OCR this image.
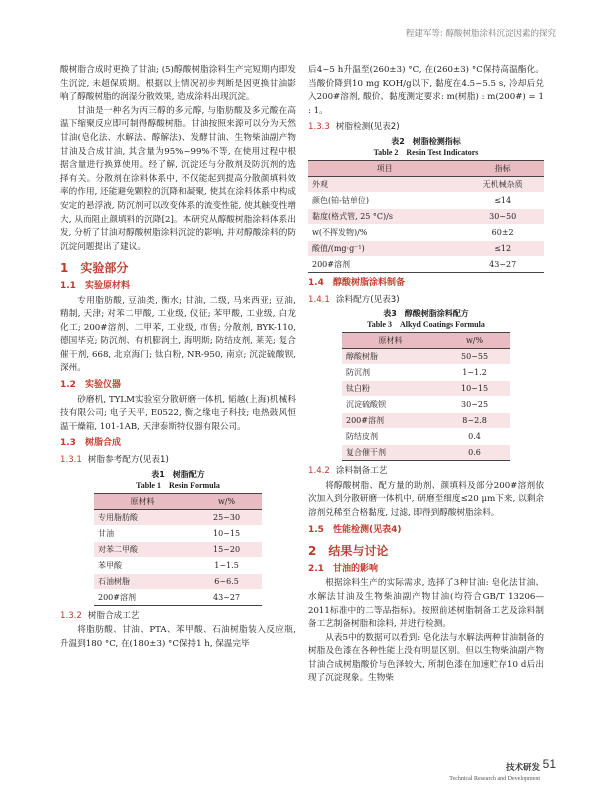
程建军等: 醇酸树脂涂料沉淀因素的探究

酸树脂合成时更换了甘油; (5)醇酸树脂涂料生产完短期内即发生沉淀, 未超保质期。根据以上情况初步判断是因更换甘油影响了醇酸树脂的润湿分散效果, 造成涂料出现沉淀。

甘油是一种名为丙三醇的多元醇, 与脂肪酸及多元酸在高温下缩聚反应即可制得醇酸树脂。甘油按照来源可以分为天然甘油(皂化法、水解法、醇解法)、发酵甘油、生物柴油副产物甘油及合成甘油, 其含量为95%~99%不等, 在使用过程中根据含量进行换算使用。经了解, 沉淀还与分散剂及防沉剂的选择有关。分散剂在涂料体系中, 不仅能起到提高分散颜填料效率的作用, 还能避免颗粒的沉降和凝聚, 使其在涂料体系中构成安定的悬浮液, 防沉剂可以改变体系的流变性能, 使其触变性增大, 从而阻止颜填料的沉降[2]。本研究从醇酸树脂涂料体系出发, 分析了甘油对醇酸树脂涂料沉淀的影响, 并对醇酸涂料的防沉淀问题提出了建议。

1　 实验部分
1.1　 实验原材料

专用脂肪酸, 豆油类, 衡水; 甘油, 二级, 马来西亚; 豆油, 精制, 天津; 对苯二甲酸, 工业级, 仪征; 苯甲酸, 工业级, 白龙化工; 200#溶剂、二甲苯, 工业级, 市售; 分散剂, BYK-110, 德国毕克; 防沉剂、有机膨润土, 海明斯; 防结皮剂, 莱芜; 复合催干剂, 668, 北京海门; 钛白粉, NR-950, 南京; 沉淀硫酸钡, 深州。

1.2　 实验仪器

砂磨机, TYLM实验室分散研磨一体机, 韬越(上海)机械科技有限公司; 电子天平, E0522, 衡之缘电子科技; 电热鼓风恒温干燥箱, 101-1AB, 天津泰斯特仪器有限公司。

1.3　 树脂合成
1.3.1 树脂参考配方(见表1)
表1　树脂配方
Table 1　Resin Formula
原材料	w/%
专用脂肪酸	25~30
甘油	10~15
对苯二甲酸	15~20
苯甲酸	1~1.5
石油树脂	6~6.5
200#溶剂	43~27
1.3.2 树脂合成工艺

将脂肪酸、甘油、PTA、苯甲酸、石油树脂装入反应瓶, 升温到180 °C, 在(180±3) °C保持1 h, 保温完毕

后4~5 h升温至(260±3) °C, 在(260±3) °C保持高温酯化。当酸价降到10 mg KOH/g以下, 黏度在4.5~5.5 s, 冷却后兑入200#溶剂, 酸价、黏度测定要求: m(树脂) : m(200#) = 1 : 1。

1.3.3 树脂检测(见表2)
表2　树脂检测指标
Table 2　Resin Test Indicators
项目	指标
外观	无机械杂质
颜色(铂-钴单位)	≤14
黏度(格式管, 25 °C)/s	30~50
w(不挥发物)/%	60±2
酸值/(mg·g⁻¹)	≤12
200#溶剂	43~27
1.4　 醇酸树脂涂料制备
1.4.1 涂料配方(见表3)
表3　醇酸树脂涂料配方
Table 3　Alkyd Coatings Formula
原材料	w/%
醇酸树脂	50~55
防沉剂	1~1.2
钛白粉	10~15
沉淀硫酸钡	30~25
200#溶剂	8~2.8
防结皮剂	0.4
复合催干剂	0.6
1.4.2 涂料制备工艺

将醇酸树脂、配方量的助剂、颜填料及部分200#溶剂依次加入到分散研磨一体机中, 研磨至细度≤20 μm下来, 以剩余溶剂兑稀至合格黏度, 过滤, 即得到醇酸树脂涂料。

1.5　 性能检测(见表4)
2　 结果与讨论
2.1　 甘油的影响

根据涂料生产的实际需求, 选择了3种甘油: 皂化法甘油、水解法甘油及生物柴油副产物甘油(均符合GB/T 13206—2011标准中的二等品指标)。按照前述树脂制备工艺及涂料制备工艺制备树脂和涂料, 并进行检测。

从表5中的数据可以看到: 皂化法与水解法两种甘油制备的树脂及色漆在各种性能上没有明显区别。但以生物柴油副产物甘油合成树脂酸价与色泽较大, 所制色漆在加速贮存10 d后出现了沉淀现象。生物柴

技术研发
Technical Research and Development
51
